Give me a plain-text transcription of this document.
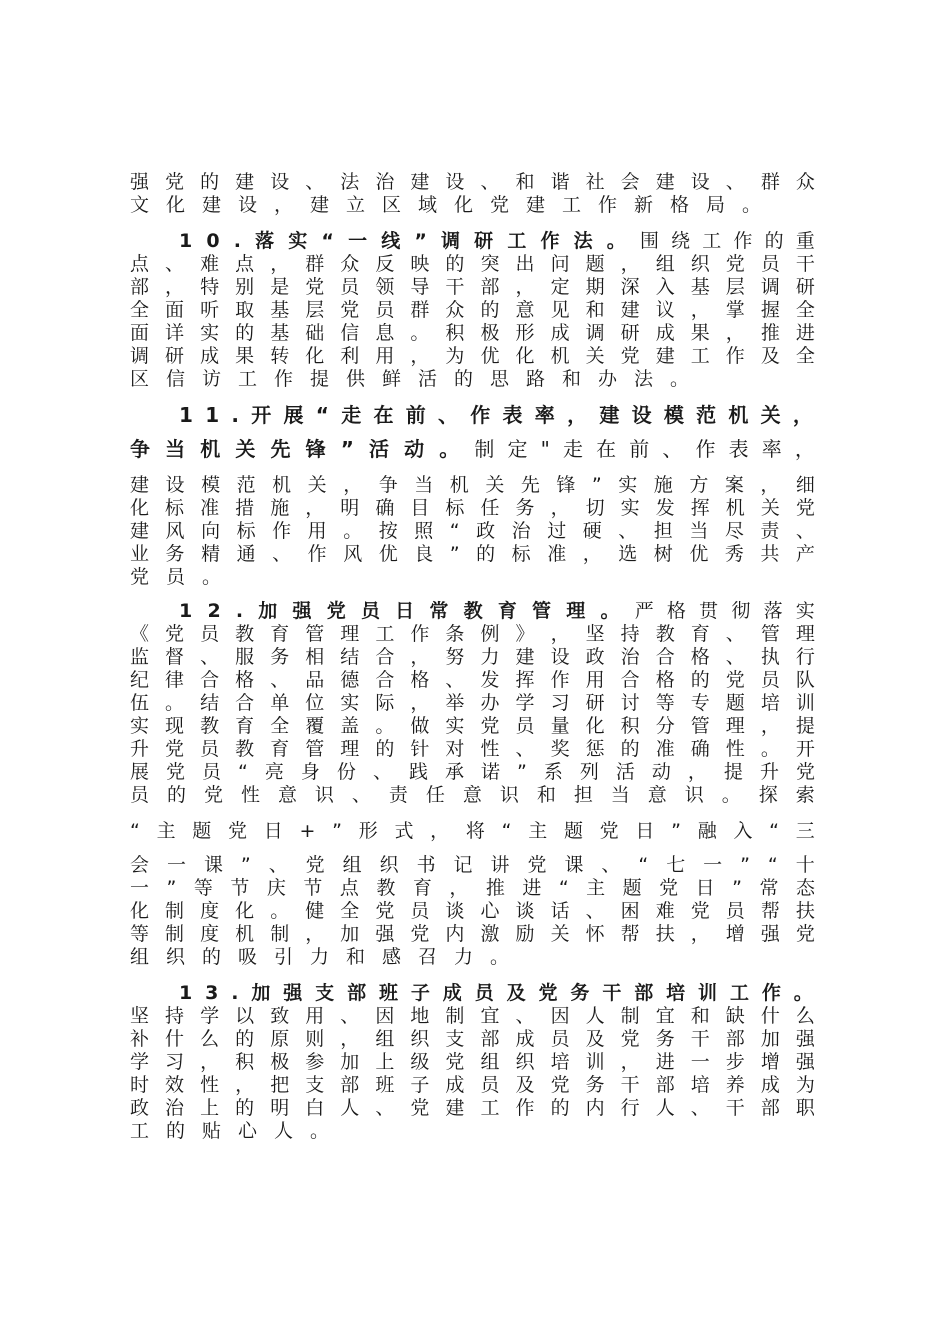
强 党 的 建 设 、 法 治 建 设 、 和 谐 社 会 建 设 、 群 众
文化建设，建立区域化党建工作新格局。
1 0 . 落 实 “ 一 线 ” 调 研 工 作 法 。 围 绕 工 作 的 重
点 、 难 点 ， 群 众 反 映 的 突 出 问 题 ， 组 织 党 员 干
部 ， 特 别 是 党 员 领 导 干 部 ， 定 期 深 入 基 层 调 研
全 面 听 取 基 层 党 员 群 众 的 意 见 和 建 议 ， 掌 握 全
面 详 实 的 基 础 信 息 。 积 极 形 成 调 研 成 果 ， 推 进
调 研 成 果 转 化 利 用 ， 为 优 化 机 关 党 建 工 作 及 全
区信访工作提供鲜活的思路和办法。
1 1 . 开 展 “ 走 在 前 、 作 表 率 ， 建 设 模 范 机 关 ，
争 当 机 关 先 锋 ” 活 动 。 制 定 " 走 在 前 、 作 表 率 ，
建 设 模 范 机 关 ， 争 当 机 关 先 锋 ” 实 施 方 案 ， 细
化 标 准 措 施 ， 明 确 目 标 任 务 ， 切 实 发 挥 机 关 党
建 风 向 标 作 用 。 按 照 “ 政 治 过 硬 、 担 当 尽 责 、
业 务 精 通 、 作 风 优 良 ” 的 标 准 ， 选 树 优 秀 共 产
党员。
1 2 . 加 强 党 员 日 常 教 育 管 理 。 严 格 贯 彻 落 实
《 党 员 教 育 管 理 工 作 条 例 》 ， 坚 持 教 育 、 管 理
监 督 、 服 务 相 结 合 ， 努 力 建 设 政 治 合 格 、 执 行
纪 律 合 格 、 品 德 合 格 、 发 挥 作 用 合 格 的 党 员 队
伍 。 结 合 单 位 实 际 ， 举 办 学 习 研 讨 等 专 题 培 训
实 现 教 育 全 覆 盖 。 做 实 党 员 量 化 积 分 管 理 ， 提
升 党 员 教 育 管 理 的 针 对 性 、 奖 惩 的 准 确 性 。 开
展 党 员 “ 亮 身 份 、 践 承 诺 ” 系 列 活 动 ， 提 升 党
员 的 党 性 意 识 、 责 任 意 识 和 担 当 意 识 。 探 索
“ 主 题 党 日 + ” 形 式 ， 将 “ 主 题 党 日 ” 融 入 “ 三
会 一 课 ” 、 党 组 织 书 记 讲 党 课 、 “ 七 一 ” “ 十
一 ” 等 节 庆 节 点 教 育 ， 推 进 “ 主 题 党 日 ” 常 态
化 制 度 化 。 健 全 党 员 谈 心 谈 话 、 困 难 党 员 帮 扶
等 制 度 机 制 ， 加 强 党 内 激 励 关 怀 帮 扶 ， 增 强 党
组织的吸引力和感召力。
1 3 . 加 强 支 部 班 子 成 员 及 党 务 干 部 培 训 工 作 。
坚 持 学 以 致 用 、 因 地 制 宜 、 因 人 制 宜 和 缺 什 么
补 什 么 的 原 则 ， 组 织 支 部 成 员 及 党 务 干 部 加 强
学 习 ， 积 极 参 加 上 级 党 组 织 培 训 ， 进 一 步 增 强
时 效 性 ， 把 支 部 班 子 成 员 及 党 务 干 部 培 养 成 为
政 治 上 的 明 白 人 、 党 建 工 作 的 内 行 人 、 干 部 职
工的贴心人。
